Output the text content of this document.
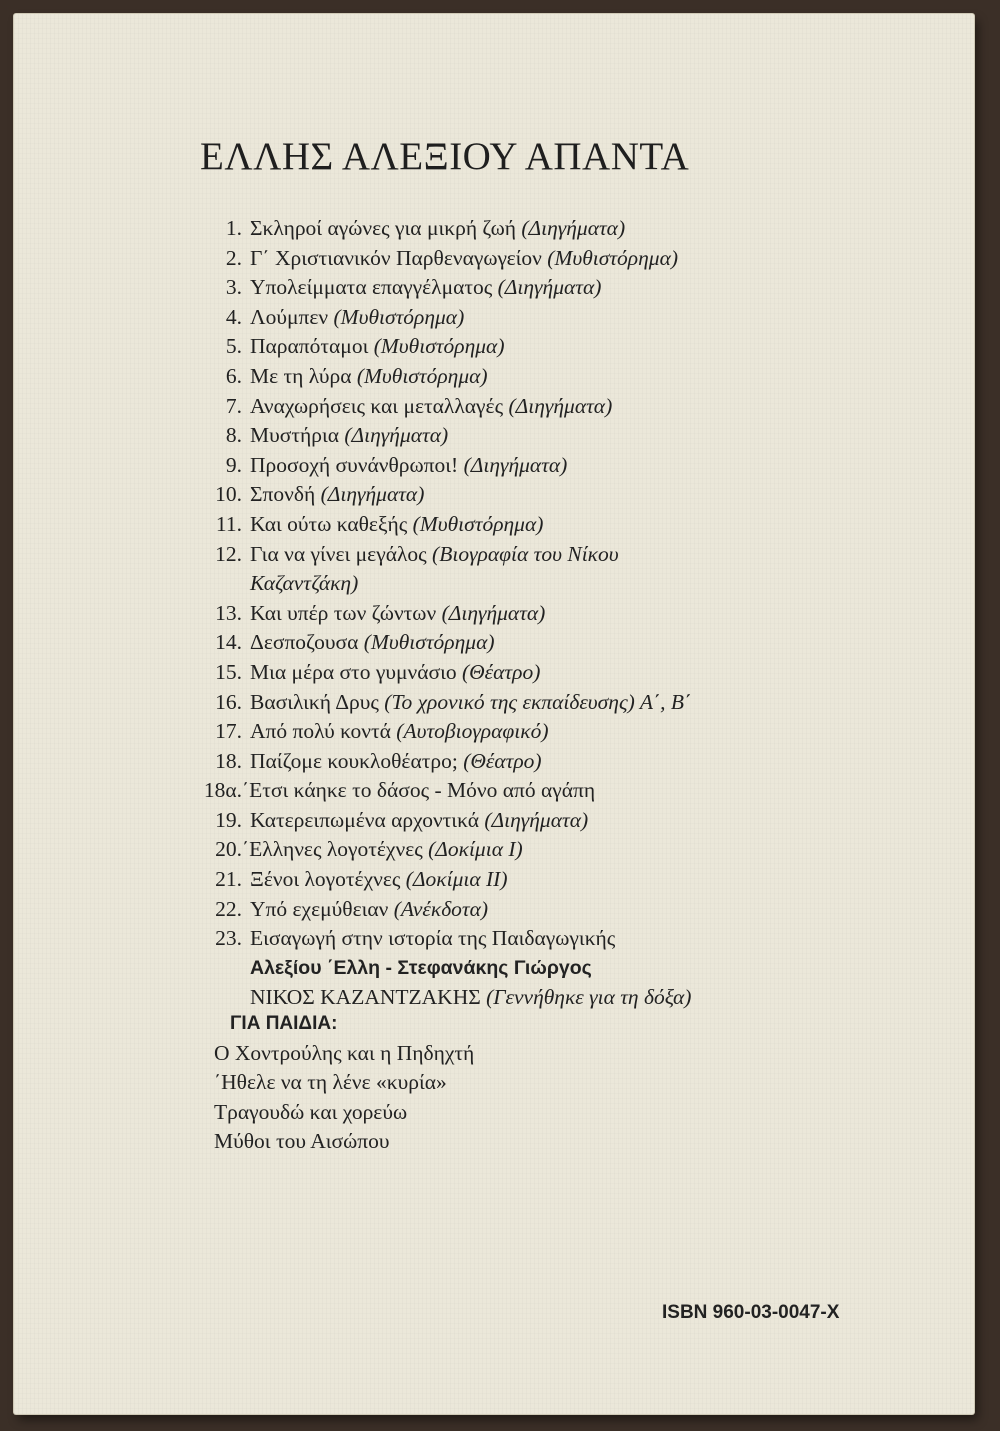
ΕΛΛΗΣ ΑΛΕΞΙΟΥ ΑΠΑΝΤΑ
1. Σκληροί αγώνες για μικρή ζωή
(Διηγήματα)
2. Γ΄ Χριστιανικόν Παρθεναγωγείον
(Μυθιστόρημα)
3. Υπολείμματα επαγγέλματος
(Διηγήματα)
4. Λούμπεν
(Μυθιστόρημα)
5. Παραπόταμοι
(Μυθιστόρημα)
6. Με τη λύρα
(Μυθιστόρημα)
7. Αναχωρήσεις και μεταλλαγές
(Διηγήματα)
8. Μυστήρια
(Διηγήματα)
9. Προσοχή συνάνθρωποι!
(Διηγήματα)
10. Σπονδή
(Διηγήματα)
11. Και ούτω καθεξής
(Μυθιστόρημα)
12. Για να γίνει μεγάλος
(Βιογραφία του Νίκου
Καζαντζάκη)
13. Και υπέρ των ζώντων
(Διηγήματα)
14. Δεσποζουσα
(Μυθιστόρημα)
15. Μια μέρα στο γυμνάσιο
(Θέατρο)
16. Βασιλική Δρυς
(Το χρονικό της εκπαίδευσης) Α΄, Β΄
17. Από πολύ κοντά
(Αυτοβιογραφικό)
18. Παίζομε κουκλοθέατρο;
(Θέατρο)
18α. ΄Ετσι κάηκε το δάσος - Μόνο από αγάπη
19. Κατερειπωμένα αρχοντικά
(Διηγήματα)
20. ΄Ελληνες λογοτέχνες
(Δοκίμια Ι)
21. Ξένοι λογοτέχνες
(Δοκίμια ΙΙ)
22. Υπό εχεμύθειαν
(Ανέκδοτα)
23. Εισαγωγή στην ιστορία της Παιδαγωγικής
Αλεξίου ΄Ελλη - Στεφανάκης Γιώργος
ΝΙΚΟΣ ΚΑΖΑΝΤΖΑΚΗΣ (Γεννήθηκε για τη δόξα)
ΓΙΑ ΠΑΙΔΙΑ:
Ο Χοντρούλης και η Πηδηχτή
΄Ηθελε να τη λένε «κυρία»
Τραγουδώ και χορεύω
Μύθοι του Αισώπου
ISBN 960-03-0047-X
